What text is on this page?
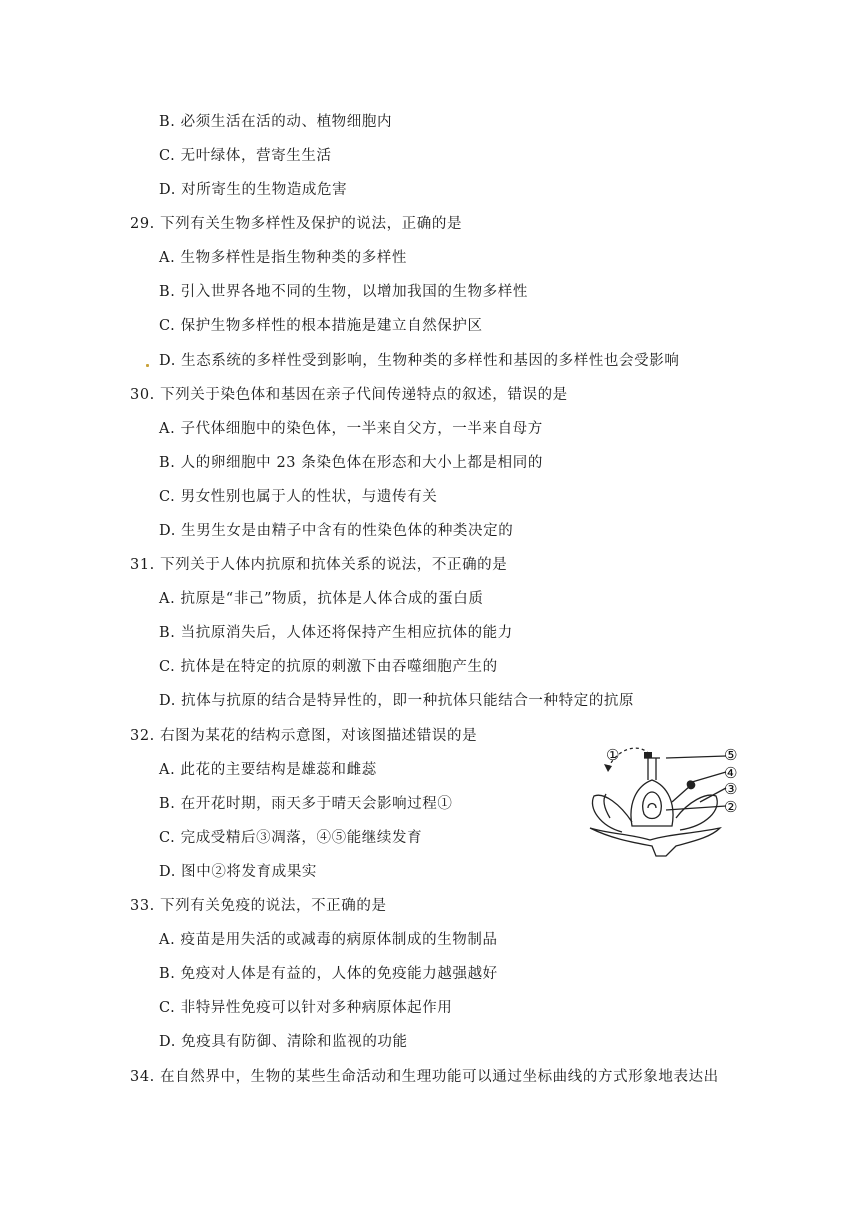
B. 必须生活在活的动、植物细胞内
C. 无叶绿体，营寄生生活
D. 对所寄生的生物造成危害
29. 下列有关生物多样性及保护的说法，正确的是
A. 生物多样性是指生物种类的多样性
B. 引入世界各地不同的生物，以增加我国的生物多样性
C. 保护生物多样性的根本措施是建立自然保护区
D. 生态系统的多样性受到影响，生物种类的多样性和基因的多样性也会受影响
30. 下列关于染色体和基因在亲子代间传递特点的叙述，错误的是
A. 子代体细胞中的染色体，一半来自父方，一半来自母方
B. 人的卵细胞中 23 条染色体在形态和大小上都是相同的
C. 男女性别也属于人的性状，与遗传有关
D. 生男生女是由精子中含有的性染色体的种类决定的
31. 下列关于人体内抗原和抗体关系的说法，不正确的是
A. 抗原是“非己”物质，抗体是人体合成的蛋白质
B. 当抗原消失后，人体还将保持产生相应抗体的能力
C. 抗体是在特定的抗原的刺激下由吞噬细胞产生的
D. 抗体与抗原的结合是特异性的，即一种抗体只能结合一种特定的抗原
32. 右图为某花的结构示意图，对该图描述错误的是
A. 此花的主要结构是雄蕊和雌蕊
B. 在开花时期，雨天多于晴天会影响过程①
C. 完成受精后③凋落，④⑤能继续发育
D. 图中②将发育成果实
33. 下列有关免疫的说法，不正确的是
A. 疫苗是用失活的或减毒的病原体制成的生物制品
B. 免疫对人体是有益的，人体的免疫能力越强越好
C. 非特异性免疫可以针对多种病原体起作用
D. 免疫具有防御、清除和监视的功能
34. 在自然界中，生物的某些生命活动和生理功能可以通过坐标曲线的方式形象地表达出
①	⑤
④
③
②
